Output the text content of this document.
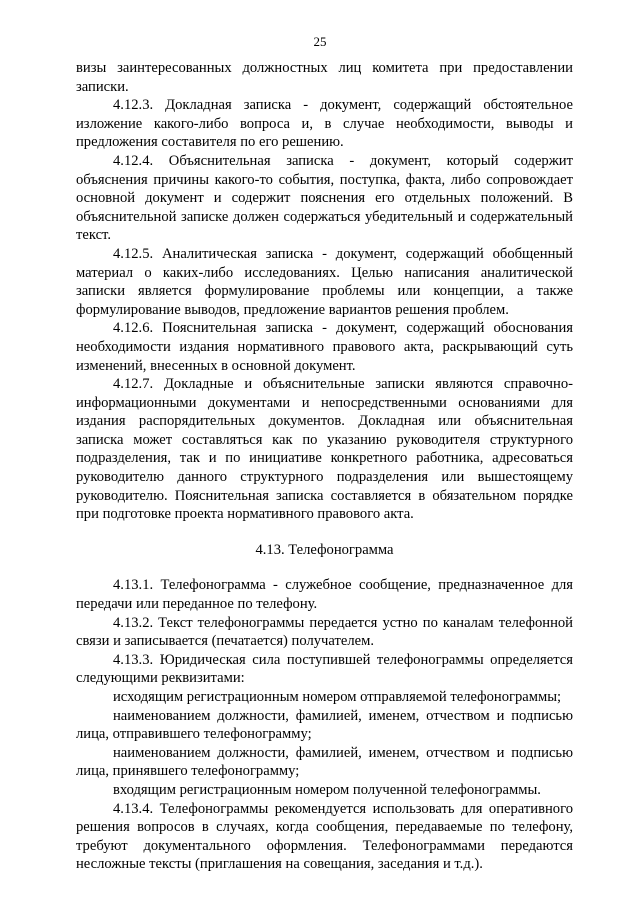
25

визы заинтересованных должностных лиц комитета при предоставлении записки.

4.12.3. Докладная записка - документ, содержащий обстоятельное изложение какого-либо вопроса и, в случае необходимости, выводы и предложения составителя по его решению.

4.12.4. Объяснительная записка - документ, который содержит объяснения причины какого-то события, поступка, факта, либо сопровождает основной документ и содержит пояснения его отдельных положений. В объяснительной записке должен содержаться убедительный и содержательный текст.

4.12.5. Аналитическая записка - документ, содержащий обобщенный материал о каких-либо исследованиях. Целью написания аналитической записки является формулирование проблемы или концепции, а также формулирование выводов, предложение вариантов решения проблем.

4.12.6. Пояснительная записка - документ, содержащий обоснования необходимости издания нормативного правового акта, раскрывающий суть изменений, внесенных в основной документ.

4.12.7. Докладные и объяснительные записки являются справочно-информационными документами и непосредственными основаниями для издания распорядительных документов. Докладная или объяснительная записка может составляться как по указанию руководителя структурного подразделения, так и по инициативе конкретного работника, адресоваться руководителю данного структурного подразделения или вышестоящему руководителю. Пояснительная записка составляется в обязательном порядке при подготовке проекта нормативного правового акта.

4.13. Телефонограмма

4.13.1. Телефонограмма - служебное сообщение, предназначенное для передачи или переданное по телефону.

4.13.2. Текст телефонограммы передается устно по каналам телефонной связи и записывается (печатается) получателем.

4.13.3. Юридическая сила поступившей телефонограммы определяется следующими реквизитами:

исходящим регистрационным номером отправляемой телефонограммы;

наименованием должности, фамилией, именем, отчеством и подписью лица, отправившего телефонограмму;

наименованием должности, фамилией, именем, отчеством и подписью лица, принявшего телефонограмму;

входящим регистрационным номером полученной телефонограммы.

4.13.4. Телефонограммы рекомендуется использовать для оперативного решения вопросов в случаях, когда сообщения, передаваемые по телефону, требуют документального оформления. Телефонограммами передаются несложные тексты (приглашения на совещания, заседания и т.д.).
